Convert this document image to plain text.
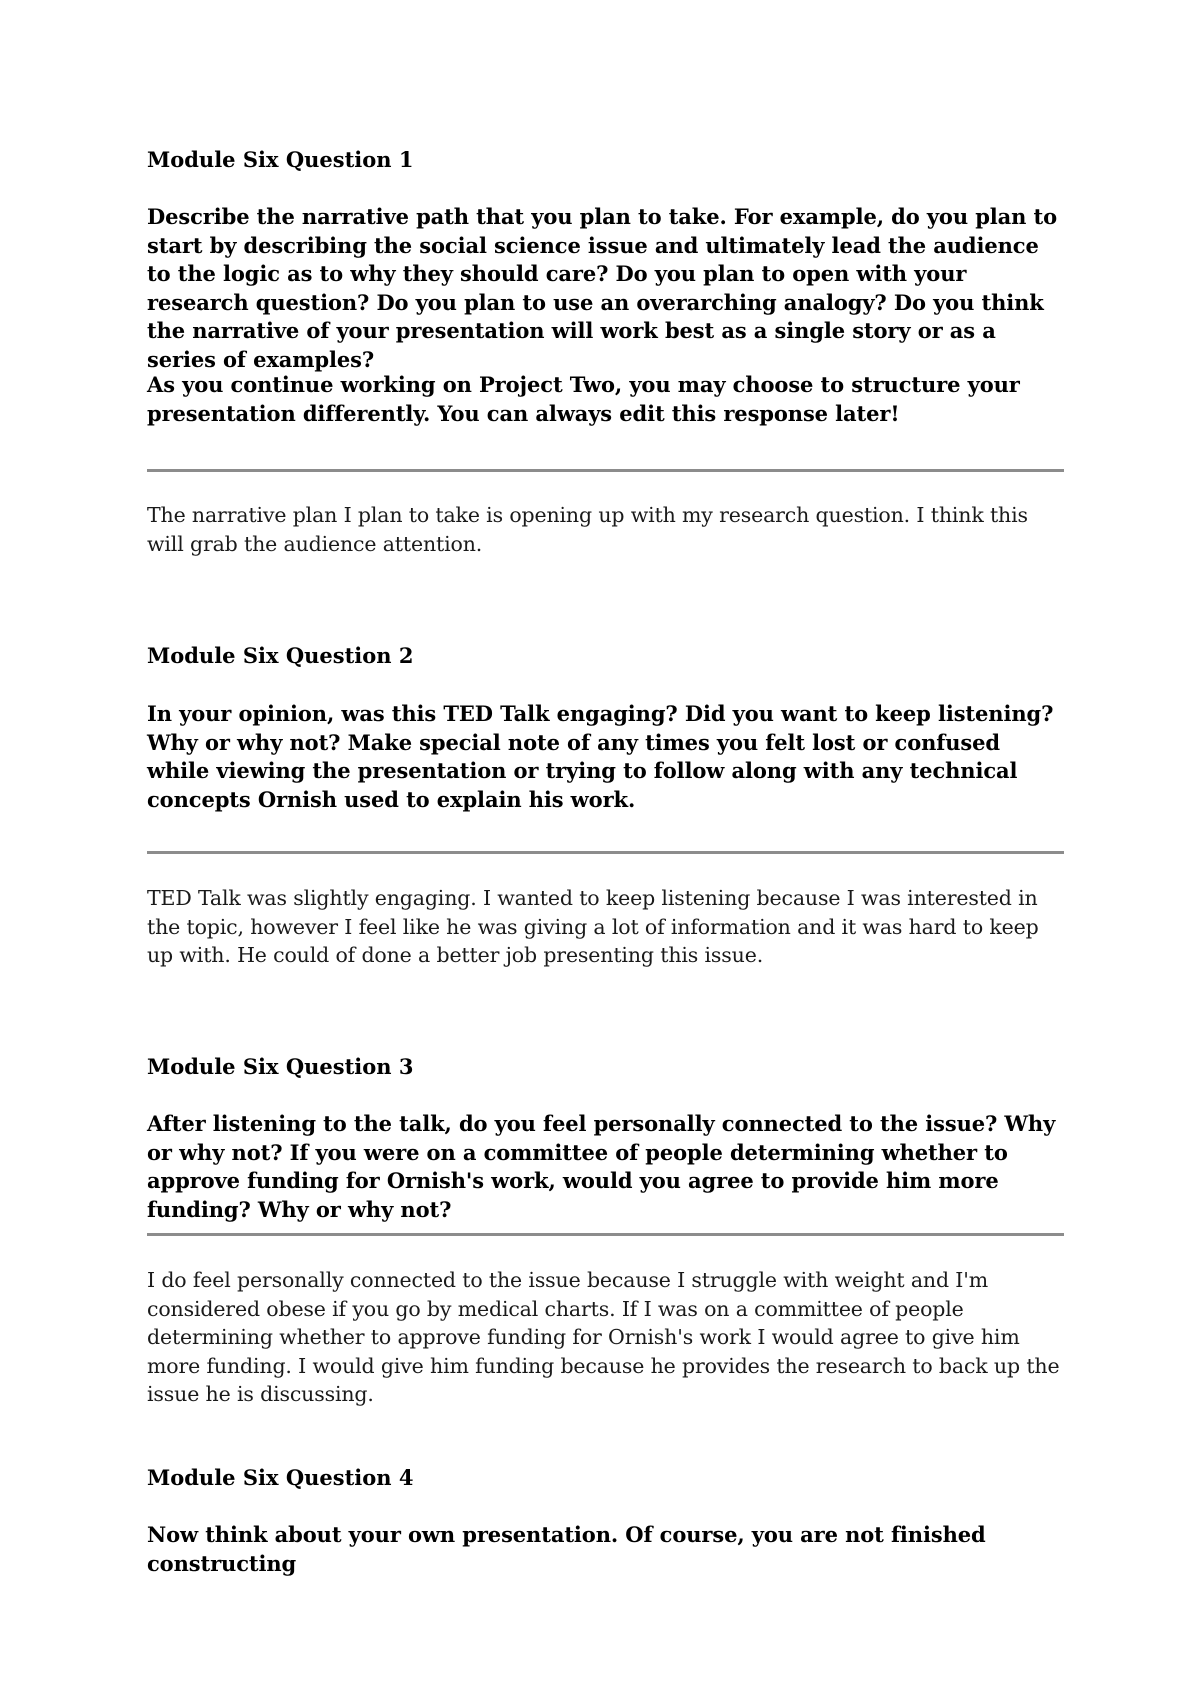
Module Six Question 1

Describe the narrative path that you plan to take. For example, do you plan to start by describing the social science issue and ultimately lead the audience to the logic as to why they should care? Do you plan to open with your research question? Do you plan to use an overarching analogy? Do you think the narrative of your presentation will work best as a single story or as a series of examples?

As you continue working on Project Two, you may choose to structure your presentation differently. You can always edit this response later!

The narrative plan I plan to take is opening up with my research question. I think this will grab the audience attention.

Module Six Question 2

In your opinion, was this TED Talk engaging? Did you want to keep listening? Why or why not? Make special note of any times you felt lost or confused while viewing the presentation or trying to follow along with any technical concepts Ornish used to explain his work.

TED Talk was slightly engaging. I wanted to keep listening because I was interested in the topic, however I feel like he was giving a lot of information and it was hard to keep up with. He could of done a better job presenting this issue.

Module Six Question 3

After listening to the talk, do you feel personally connected to the issue? Why or why not? If you were on a committee of people determining whether to approve funding for Ornish's work, would you agree to provide him more funding? Why or why not?

I do feel personally connected to the issue because I struggle with weight and I'm considered obese if you go by medical charts. If I was on a committee of people determining whether to approve funding for Ornish's work I would agree to give him more funding. I would give him funding because he provides the research to back up the issue he is discussing.

Module Six Question 4

Now think about your own presentation. Of course, you are not finished constructing
